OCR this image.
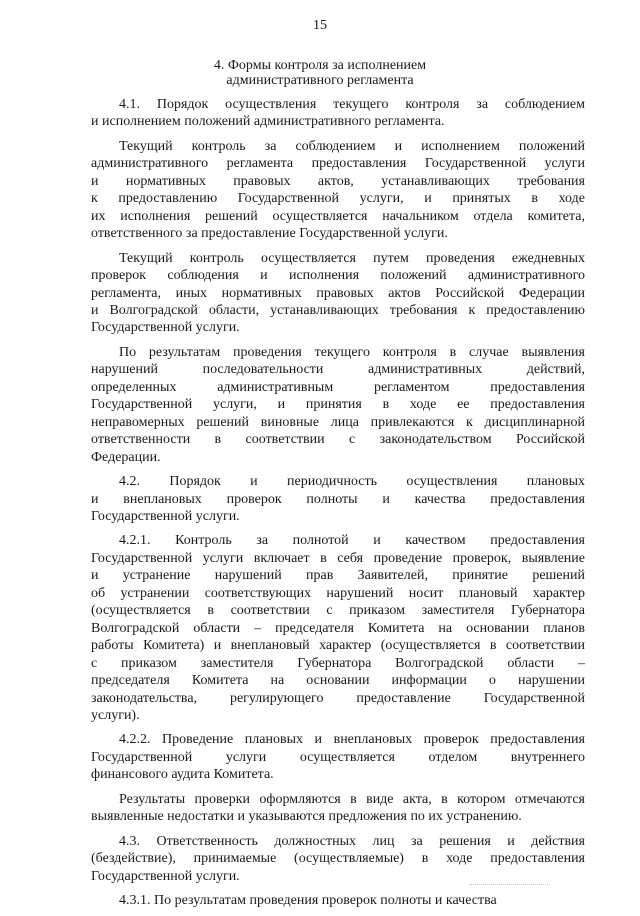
15
4. Формы контроля за исполнением
административного регламента
4.1. Порядок осуществления текущего контроля за соблюдением
и исполнением положений административного регламента.
Текущий контроль за соблюдением и исполнением положений
административного регламента предоставления Государственной услуги
и нормативных правовых актов, устанавливающих требования
к предоставлению Государственной услуги, и принятых в ходе
их исполнения решений осуществляется начальником отдела комитета,
ответственного за предоставление Государственной услуги.
Текущий контроль осуществляется путем проведения ежедневных
проверок соблюдения и исполнения положений административного
регламента, иных нормативных правовых актов Российской Федерации
и Волгоградской области, устанавливающих требования к предоставлению
Государственной услуги.
По результатам проведения текущего контроля в случае выявления
нарушений последовательности административных действий,
определенных административным регламентом предоставления
Государственной услуги, и принятия в ходе ее предоставления
неправомерных решений виновные лица привлекаются к дисциплинарной
ответственности в соответствии с законодательством Российской
Федерации.
4.2. Порядок и периодичность осуществления плановых
и внеплановых проверок полноты и качества предоставления
Государственной услуги.
4.2.1. Контроль за полнотой и качеством предоставления
Государственной услуги включает в себя проведение проверок, выявление
и устранение нарушений прав Заявителей, принятие решений
об устранении соответствующих нарушений носит плановый характер
(осуществляется в соответствии с приказом заместителя Губернатора
Волгоградской области – председателя Комитета на основании планов
работы Комитета) и внеплановый характер (осуществляется в соответствии
с приказом заместителя Губернатора Волгоградской области –
председателя Комитета на основании информации о нарушении
законодательства, регулирующего предоставление Государственной
услуги).
4.2.2. Проведение плановых и внеплановых проверок предоставления
Государственной услуги осуществляется отделом внутреннего
финансового аудита Комитета.
Результаты проверки оформляются в виде акта, в котором отмечаются
выявленные недостатки и указываются предложения по их устранению.
4.3. Ответственность должностных лиц за решения и действия
(бездействие), принимаемые (осуществляемые) в ходе предоставления
Государственной услуги.
4.3.1. По результатам проведения проверок полноты и качества
